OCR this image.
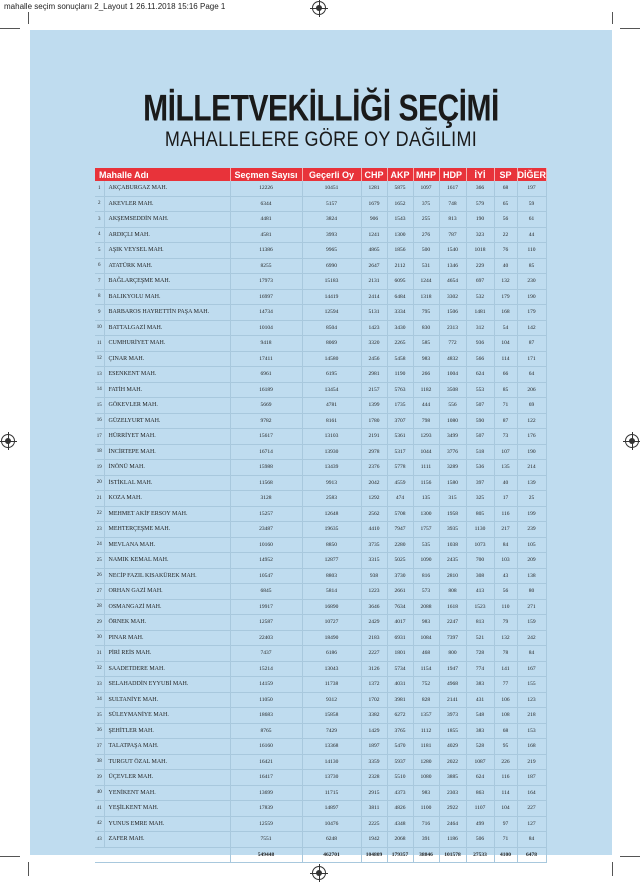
mahalle seçim sonuçlarıı 2_Layout 1 26.11.2018 15:16 Page 1
MİLLETVEKİLLİĞİ SEÇİMİ
MAHALLELERE GÖRE OY DAĞILIMI
Mahalle Adı		Seçmen Sayısı	Geçerli Oy	CHP	AKP	MHP	HDP	İYİ	SP	DİĞER
1	AKÇABURGAZ MAH.	12226	10451	1281	5875	1097	1617	366	68	197
2	AKEVLER MAH.	6344	5157	1679	1652	375	748	579	65	59
3	AKŞEMSEDDİN MAH.	4481	3824	906	1543	255	813	190	56	61
4	ARDIÇLI MAH.	4581	3993	1241	1300	276	787	323	22	44
5	AŞIK VEYSEL MAH.	11386	9965	4865	1856	500	1540	1018	76	110
6	ATATÜRK MAH.	8255	6990	2647	2112	531	1346	229	40	85
7	BAĞLARÇEŞME MAH.	17973	15183	2131	6095	1244	4654	697	132	230
8	BALIKYOLU MAH.	16997	14419	2414	6484	1318	3302	532	179	190
9	BARBAROS HAYRETTİN PAŞA MAH.	14734	12594	5131	3334	795	1506	1481	168	179
10	BATTALGAZİ MAH.	10104	8504	1423	3430	830	2313	312	54	142
11	CUMHURİYET MAH.	9418	8069	3320	2265	585	772	936	104	87
12	ÇINAR MAH.	17411	14580	2456	5458	983	4832	566	114	171
13	ESENKENT MAH.	6961	6195	2981	1190	266	1004	624	66	64
14	FATİH MAH.	16189	13454	2157	5763	1182	3508	553	85	206
15	GÖKEVLER MAH.	5669	4781	1399	1735	444	556	507	71	69
16	GÜZELYURT MAH.	9782	8161	1780	3707	798	1080	590	87	122
17	HÜRRİYET MAH.	15617	13103	2191	5361	1293	3499	507	73	176
18	İNCİRTEPE MAH.	16714	13930	2978	5317	1044	3776	518	107	190
19	İNÖNÜ MAH.	15988	13439	2376	5778	1111	3289	536	135	214
20	İSTİKLAL MAH.	11568	9913	2042	4559	1156	1580	397	40	139
21	KOZA MAH.	3128	2583	1292	474	135	315	325	17	25
22	MEHMET AKİF ERSOY MAH.	15257	12648	2562	5708	1300	1958	805	116	199
23	MEHTERÇEŞME MAH.	23487	19635	4410	7947	1757	3935	1130	217	239
24	MEVLANA MAH.	10160	8850	3735	2280	535	1038	1073	84	105
25	NAMIK KEMAL MAH.	14952	12877	3315	5025	1090	2435	700	103	209
26	NECİP FAZIL KISAKÜREK MAH.	10547	8803	938	3730	816	2810	308	43	138
27	ORHAN GAZİ MAH.	6845	5814	1223	2661	573	808	413	56	80
28	OSMANGAZİ MAH.	19917	16890	3646	7634	2088	1618	1523	110	271
29	ÖRNEK MAH.	12587	10727	2429	4017	983	2247	813	79	159
30	PINAR MAH.	22403	18490	2183	6931	1084	7397	521	132	242
31	PİRİ REİS MAH.	7437	6186	2227	1801	468	800	728	78	84
32	SAADETDERE MAH.	15214	13043	3126	5734	1154	1947	774	141	167
33	SELAHADDİN EYYUBİ MAH.	14159	11738	1372	4031	752	4968	383	77	155
34	SULTANİYE MAH.	11050	9312	1702	3981	828	2141	431	106	123
35	SÜLEYMANİYE MAH.	18683	15858	3382	6272	1357	3973	548	108	218
36	ŞEHİTLER MAH.	8765	7429	1429	3765	1112	1855	383	68	153
37	TALATPAŞA MAH.	16160	13368	1897	5470	1181	4029	528	95	168
38	TURGUT ÖZAL MAH.	16421	14130	3359	5937	1280	2022	1087	226	219
39	ÜÇEVLER MAH.	16417	13730	2328	5510	1080	3885	624	116	187
40	YENİKENT MAH.	13699	11715	2915	4373	983	2303	863	114	164
41	YEŞİLKENT MAH.	17839	14897	3811	4826	1100	2922	1107	104	227
42	YUNUS EMRE MAH.	12559	10476	2225	4348	716	2464	499	97	127
43	ZAFER MAH.	7551	6248	1942	2068	391	1186	506	71	84
		549448	462701	104809	179357	38846	101578	27533	4100	6478
